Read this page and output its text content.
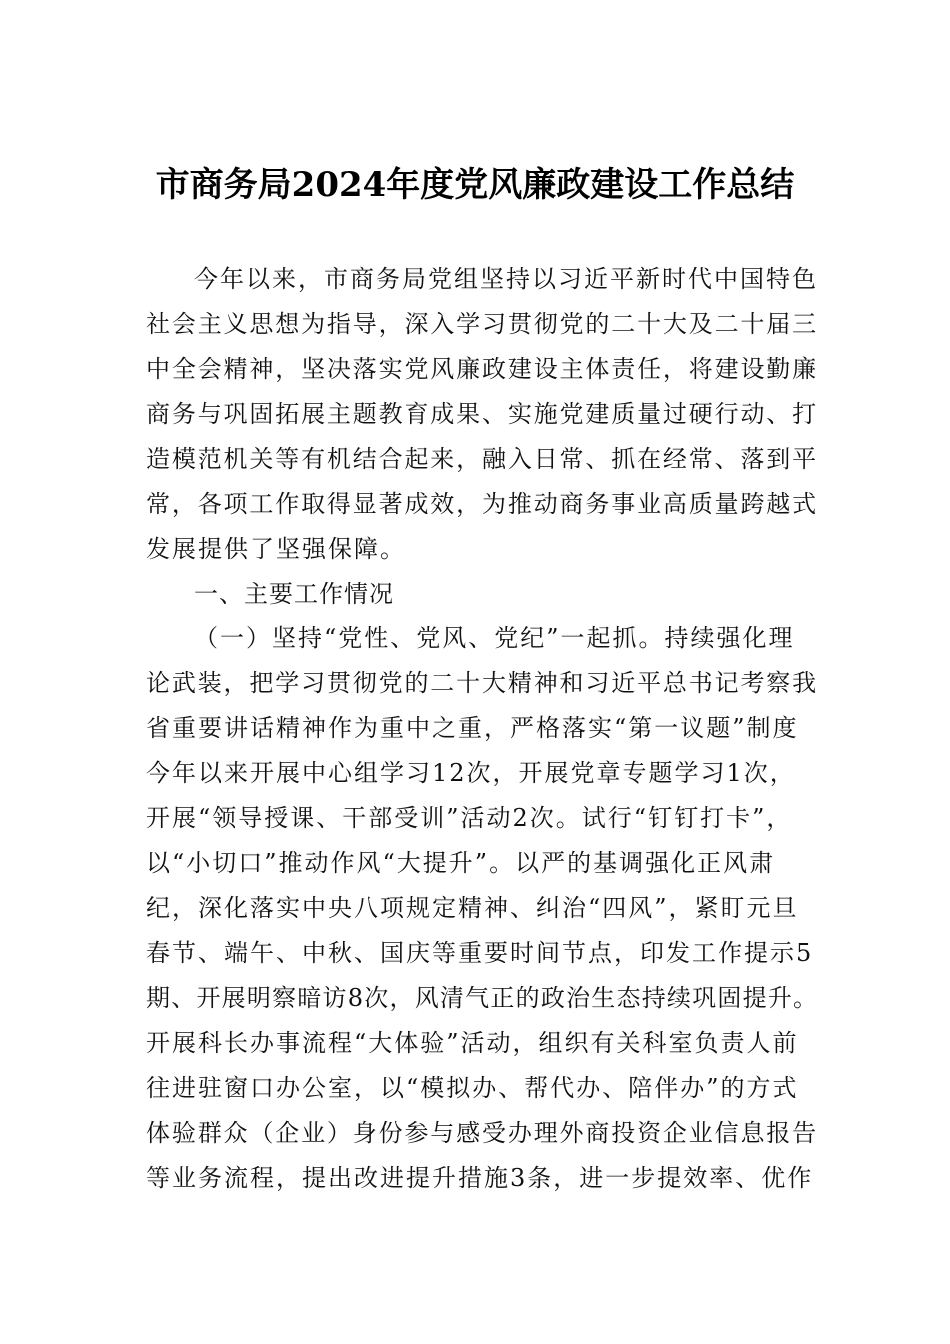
市商务局2024年度党风廉政建设工作总结
今年以来，市商务局党组坚持以习近平新时代中国特色
社会主义思想为指导，深入学习贯彻党的二十大及二十届三
中全会精神，坚决落实党风廉政建设主体责任，将建设勤廉
商务与巩固拓展主题教育成果、实施党建质量过硬行动、打
造模范机关等有机结合起来，融入日常、抓在经常、落到平
常，各项工作取得显著成效，为推动商务事业高质量跨越式
发展提供了坚强保障。
一、主要工作情况
（一）坚持“党性、党风、党纪”一起抓。持续强化理
论武装，把学习贯彻党的二十大精神和习近平总书记考察我
省重要讲话精神作为重中之重，严格落实“第一议题”制度
今年以来开展中心组学习12次，开展党章专题学习1次，
开展“领导授课、干部受训”活动2次。试行“钉钉打卡”，
以“小切口”推动作风“大提升”。以严的基调强化正风肃
纪，深化落实中央八项规定精神、纠治“四风”，紧盯元旦
春节、端午、中秋、国庆等重要时间节点，印发工作提示5
期、开展明察暗访8次，风清气正的政治生态持续巩固提升。
开展科长办事流程“大体验”活动，组织有关科室负责人前
往进驻窗口办公室，以“模拟办、帮代办、陪伴办”的方式
体验群众（企业）身份参与感受办理外商投资企业信息报告
等业务流程，提出改进提升措施3条，进一步提效率、优作
